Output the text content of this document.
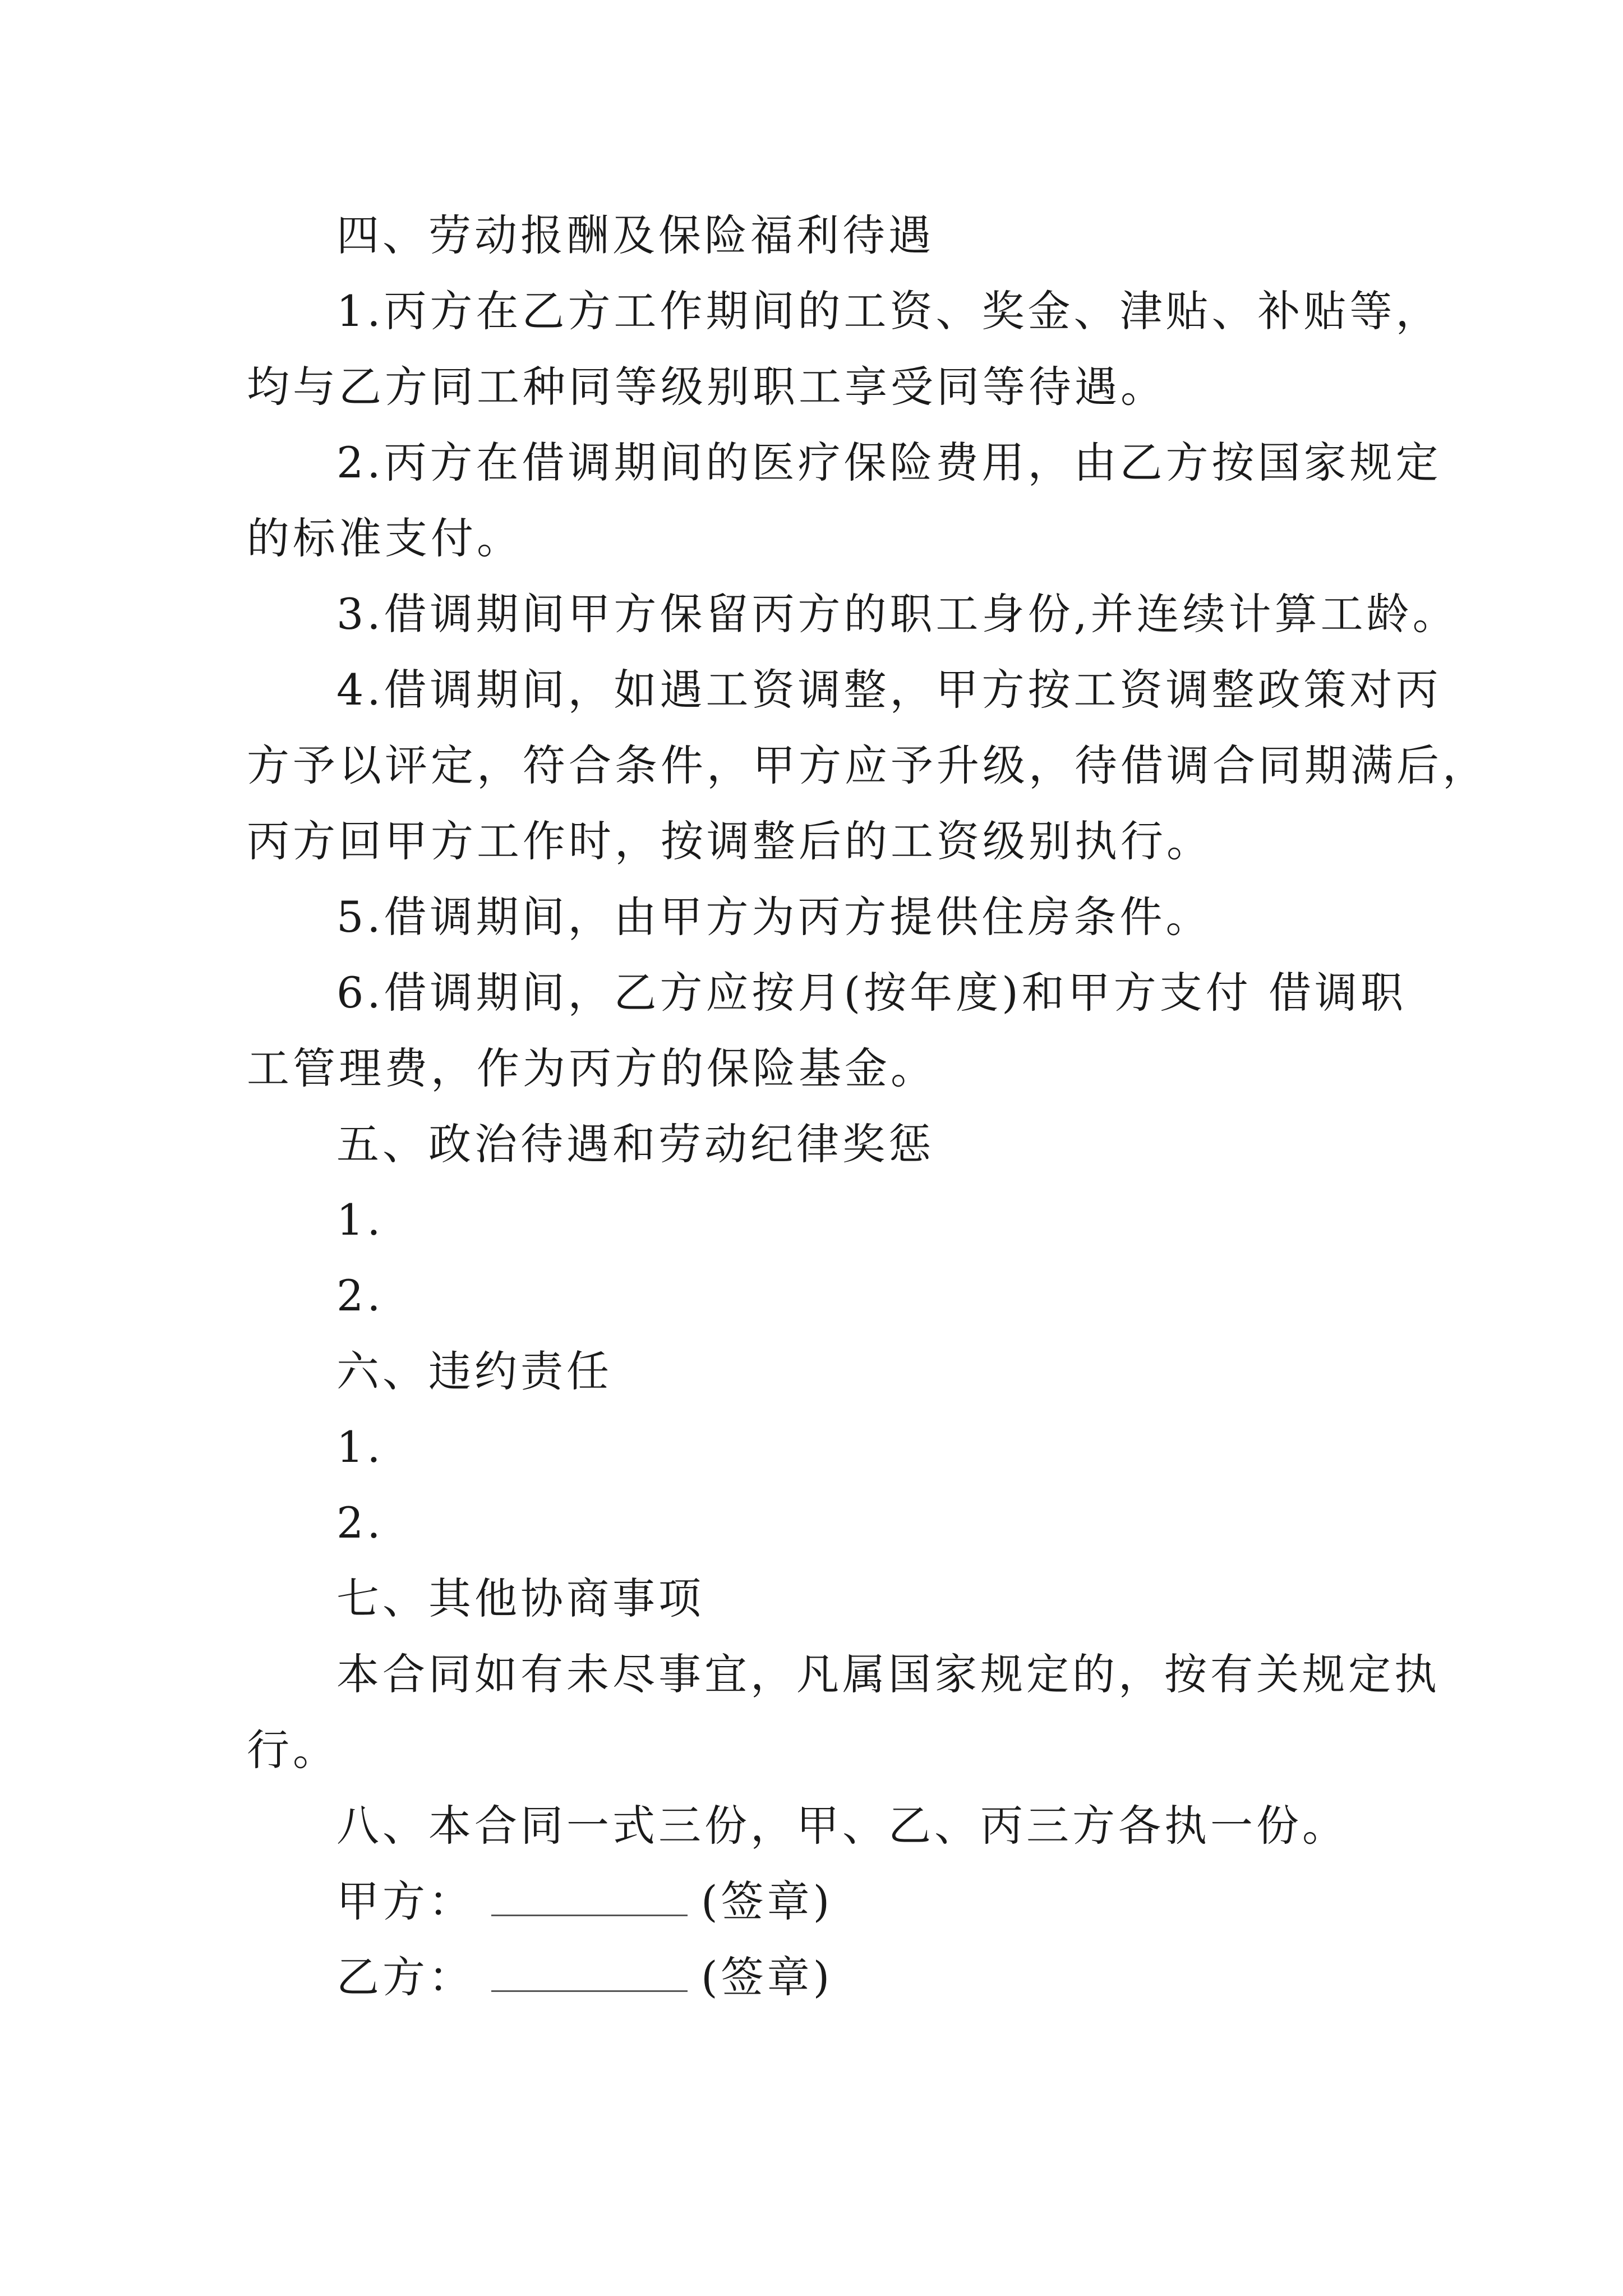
四、劳动报酬及保险福利待遇
1.丙方在乙方工作期间的工资、奖金、津贴、补贴等，
均与乙方同工种同等级别职工享受同等待遇。
2.丙方在借调期间的医疗保险费用，由乙方按国家规定
的标准支付。
3.借调期间甲方保留丙方的职工身份,并连续计算工龄。
4.借调期间，如遇工资调整，甲方按工资调整政策对丙
方予以评定，符合条件，甲方应予升级，待借调合同期满后，
丙方回甲方工作时，按调整后的工资级别执行。
5.借调期间，由甲方为丙方提供住房条件。
6.借调期间，乙方应按月(按年度)和甲方支付 借调职
工管理费，作为丙方的保险基金。
五、政治待遇和劳动纪律奖惩
1.
2.
六、违约责任
1.
2.
七、其他协商事项
本合同如有未尽事宜，凡属国家规定的，按有关规定执
行。
八、本合同一式三份，甲、乙、丙三方各执一份。
甲方：	(签章)
乙方：	(签章)
